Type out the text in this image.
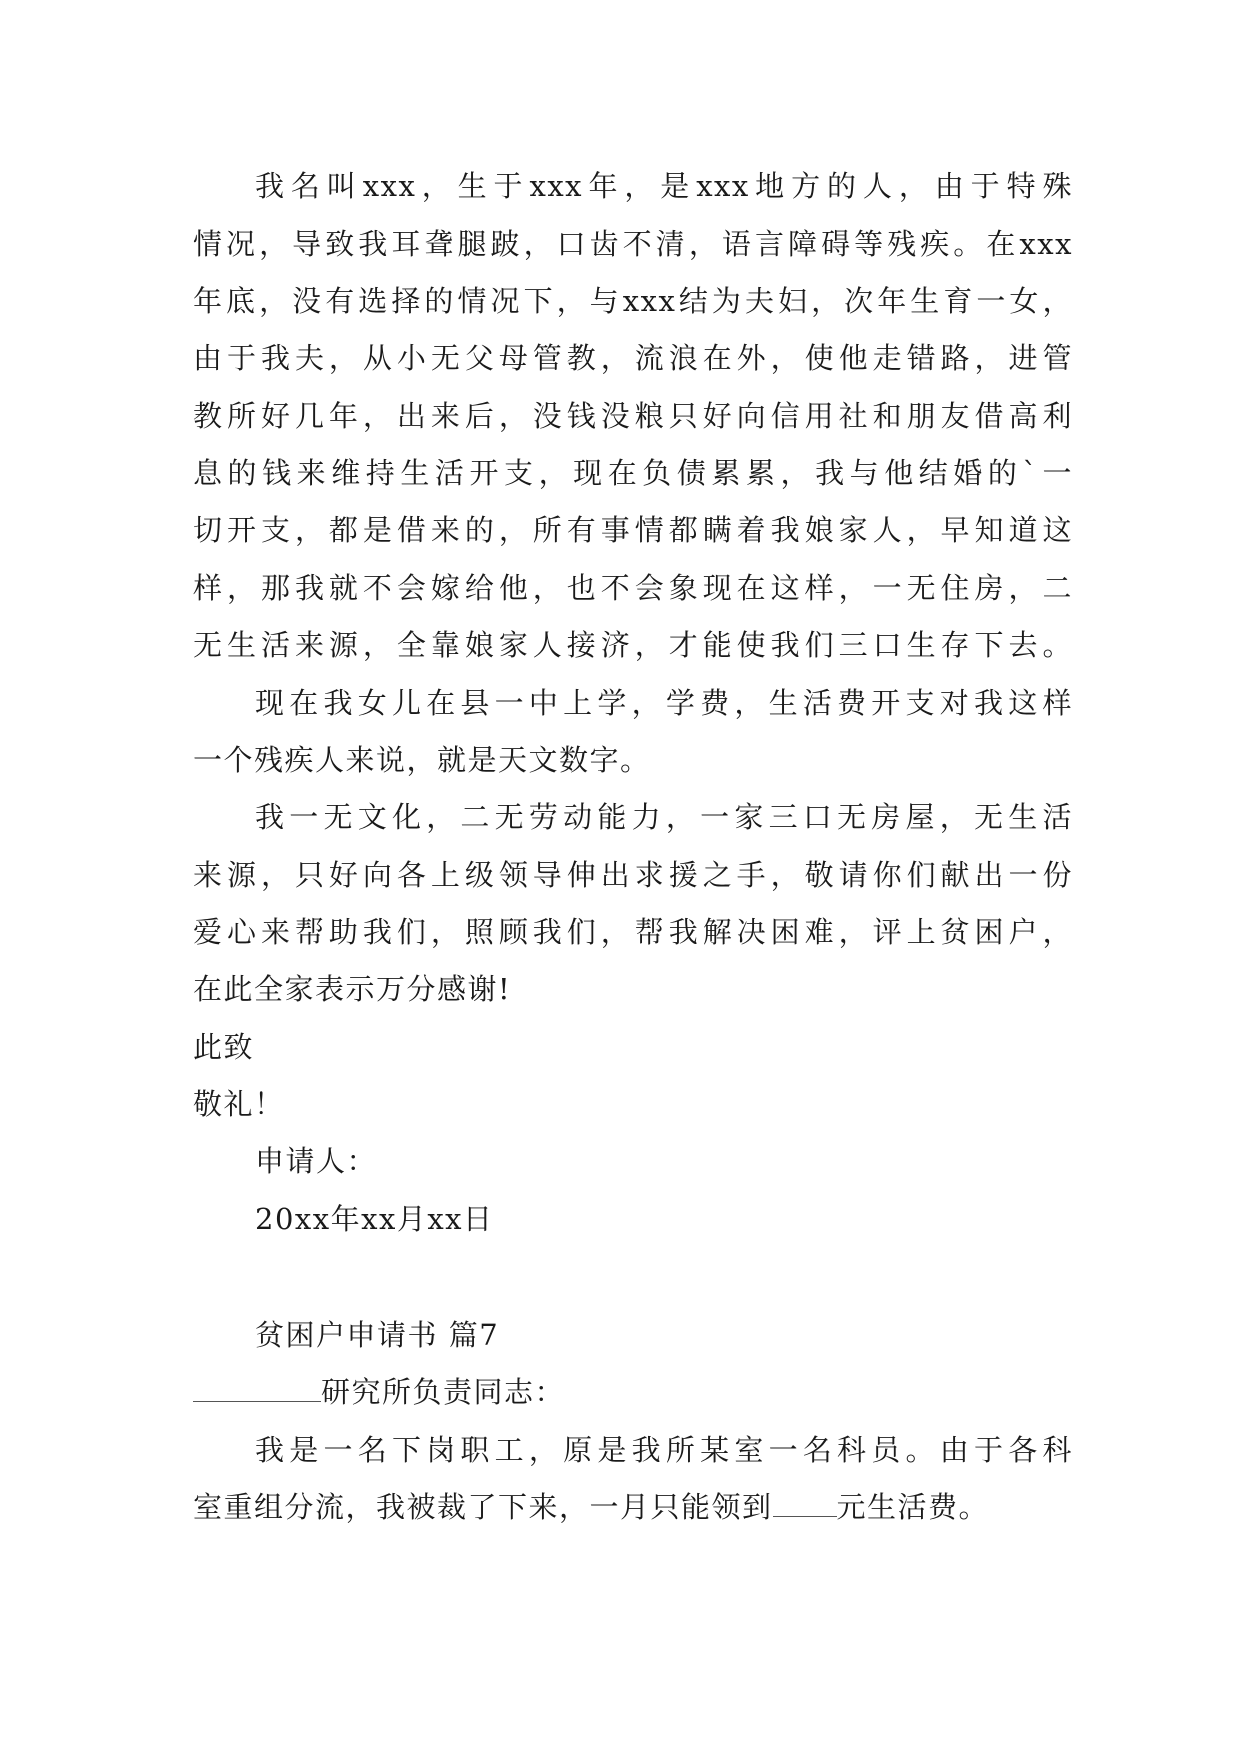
我名叫xxx，生于xxx年，是xxx地方的人，由于特殊
情况，导致我耳聋腿跛，口齿不清，语言障碍等残疾。在xxx
年底，没有选择的情况下，与xxx结为夫妇，次年生育一女，
由于我夫，从小无父母管教，流浪在外，使他走错路，进管
教所好几年，出来后，没钱没粮只好向信用社和朋友借高利
息的钱来维持生活开支，现在负债累累，我与他结婚的`一
切开支，都是借来的，所有事情都瞒着我娘家人，早知道这
样，那我就不会嫁给他，也不会象现在这样，一无住房，二
无生活来源，全靠娘家人接济，才能使我们三口生存下去。
现在我女儿在县一中上学，学费，生活费开支对我这样
一个残疾人来说，就是天文数字。
我一无文化，二无劳动能力，一家三口无房屋，无生活
来源，只好向各上级领导伸出求援之手，敬请你们献出一份
爱心来帮助我们，照顾我们，帮我解决困难，评上贫困户，
在此全家表示万分感谢!
此致
敬礼！
申请人：
20xx年xx月xx日
贫困户申请书 篇7
研究所负责同志：
我是一名下岗职工，原是我所某室一名科员。由于各科
室重组分流，我被裁了下来，一月只能领到 元生活费。
